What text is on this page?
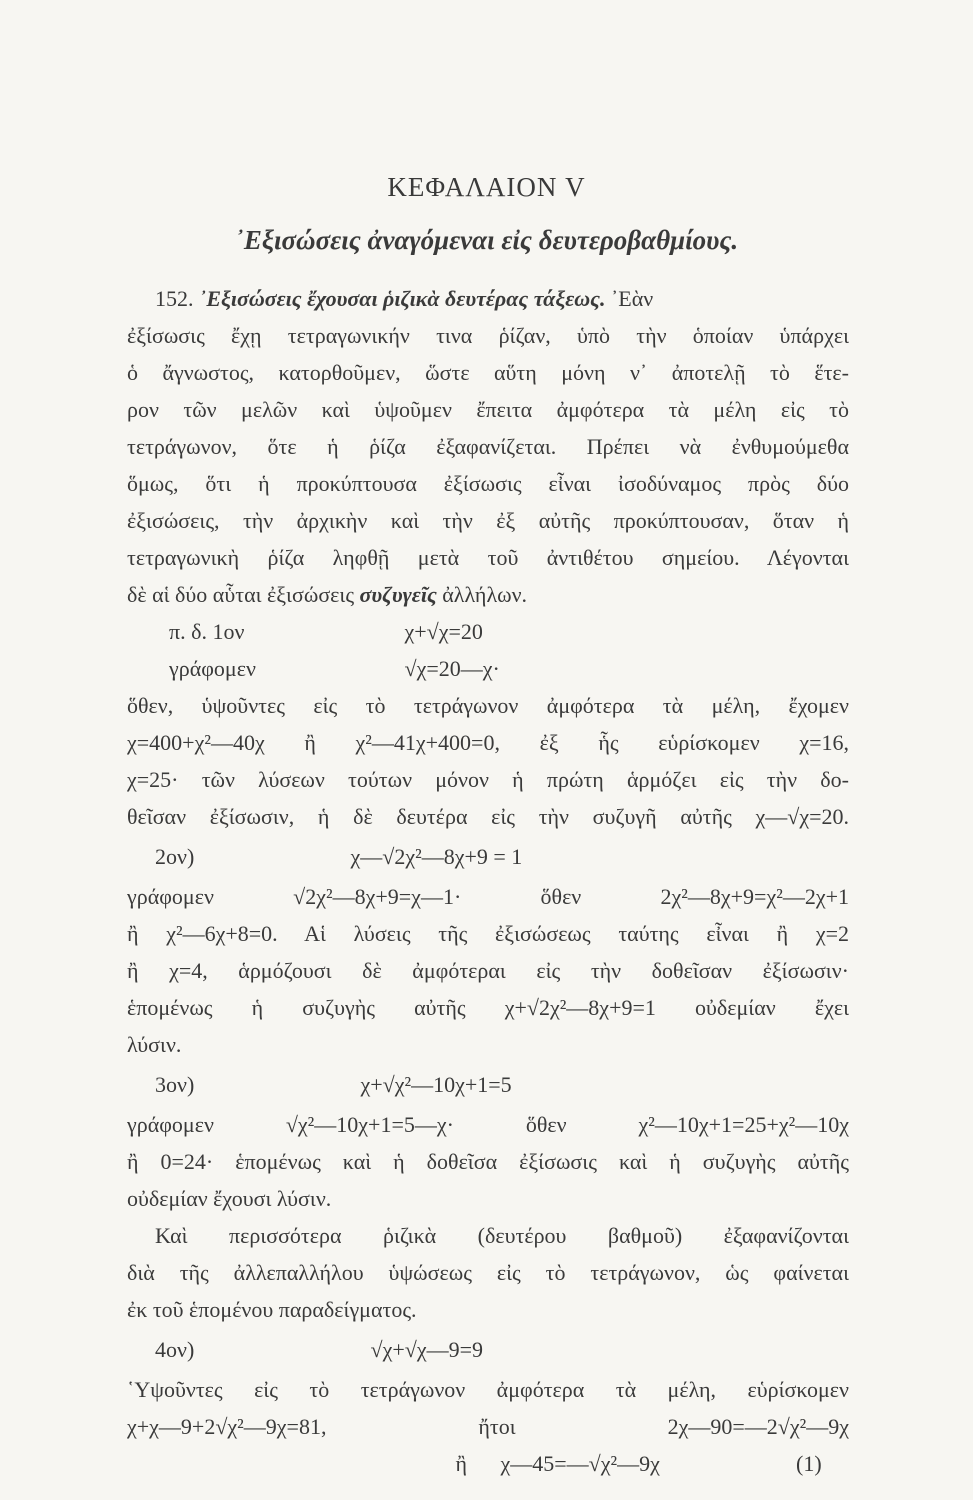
ΚΕΦΑΛΑΙΟΝ V
᾿Εξισώσεις ἀναγόμεναι εἰς δευτεροβαθμίους.
152. ᾿Εξισώσεις ἔχουσαι ῥιζικὰ δευτέρας τάξεως. ᾿Εὰν
ἐξίσωσις ἔχῃ τετραγωνικήν τινα ῥίζαν, ὑπὸ τὴν ὁποίαν ὑπάρχει
ὁ ἄγνωστος, κατορθοῦμεν, ὥστε αὕτη μόνη ν᾿ ἀποτελῇ τὸ ἕτε-
ρον τῶν μελῶν καὶ ὑψοῦμεν ἔπειτα ἀμφότερα τὰ μέλη εἰς τὸ
τετράγωνον, ὅτε ἡ ῥίζα ἐξαφανίζεται. Πρέπει νὰ ἐνθυμούμεθα
ὅμως, ὅτι ἡ προκύπτουσα ἐξίσωσις εἶναι ἰσοδύναμος πρὸς δύο
ἐξισώσεις, τὴν ἀρχικὴν καὶ τὴν ἐξ αὐτῆς προκύπτουσαν, ὅταν ἡ
τετραγωνικὴ ῥίζα ληφθῇ μετὰ τοῦ ἀντιθέτου σημείου. Λέγονται
δὲ αἱ δύο αὗται ἐξισώσεις συζυγεῖς ἀλλήλων.
π. δ. 1ον	χ+√χ=20
γράφομεν	√χ=20—χ·
ὅθεν, ὑψοῦντες εἰς τὸ τετράγωνον ἀμφότερα τὰ μέλη, ἔχομεν
χ=400+χ²—40χ ἢ χ²—41χ+400=0, ἐξ ἧς εὑρίσκομεν χ=16,
χ=25· τῶν λύσεων τούτων μόνον ἡ πρώτη ἁρμόζει εἰς τὴν δο-
θεῖσαν ἐξίσωσιν, ἡ δὲ δευτέρα εἰς τὴν συζυγῆ αὐτῆς χ—√χ=20.
2ον)	χ—√2χ²—8χ+9 = 1
γράφομεν √2χ²—8χ+9=χ—1· ὅθεν 2χ²—8χ+9=χ²—2χ+1
ἢ χ²—6χ+8=0. Αἱ λύσεις τῆς ἐξισώσεως ταύτης εἶναι ἢ χ=2
ἢ χ=4, ἁρμόζουσι δὲ ἀμφότεραι εἰς τὴν δοθεῖσαν ἐξίσωσιν·
ἑπομένως ἡ συζυγὴς αὐτῆς χ+√2χ²—8χ+9=1 οὐδεμίαν ἔχει
λύσιν.
3ον)	χ+√χ²—10χ+1=5
γράφομεν √χ²—10χ+1=5—χ· ὅθεν χ²—10χ+1=25+χ²—10χ
ἢ 0=24· ἑπομένως καὶ ἡ δοθεῖσα ἐξίσωσις καὶ ἡ συζυγὴς αὐτῆς
οὐδεμίαν ἔχουσι λύσιν.
Καὶ περισσότερα ῥιζικὰ (δευτέρου βαθμοῦ) ἐξαφανίζονται
διὰ τῆς ἀλλεπαλλήλου ὑψώσεως εἰς τὸ τετράγωνον, ὡς φαίνεται
ἐκ τοῦ ἑπομένου παραδείγματος.
4ον)	√χ+√χ—9=9
῾Υψοῦντες εἰς τὸ τετράγωνον ἀμφότερα τὰ μέλη, εὑρίσκομεν
χ+χ—9+2√χ²—9χ=81, ἤτοι 2χ—90=—2√χ²—9χ
ἢ χ—45=—√χ²—9χ	(1)
